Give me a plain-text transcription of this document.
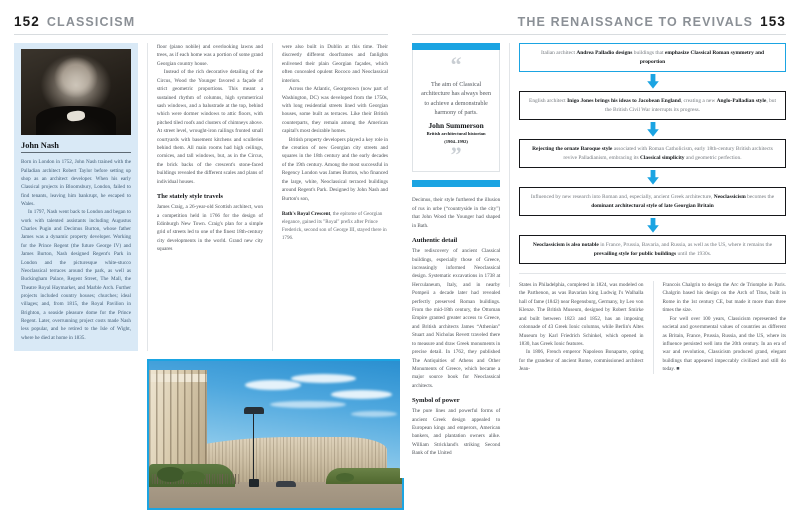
152 CLASSICISM
John Nash

Born in London in 1752, John Nash trained with the Palladian architect Robert Taylor before setting up shop as an architect developer. When his early Classical projects in Bloomsbury, London, failed to find tenants, leaving him bankrupt, he escaped to Wales.

In 1797, Nash went back to London and began to work with talented assistants including Augustus Charles Pugin and Decimus Burton, whose father James was a dynamic property developer. Working for the Prince Regent (the future George IV) and James Burton, Nash designed Regent's Park in London and the picturesque white-stucco Neoclassical terraces around the park, as well as Buckingham Palace, Regent Street, The Mall, the Theatre Royal Haymarket, and Marble Arch. Further projects included country houses; churches; ideal villages; and, from 1815, the Royal Pavilion in Brighton, a seaside pleasure dome for the Prince Regent. Later, overrunning project costs made Nash less popular, and he retired to the Isle of Wight, where he died at home in 1835.

floor (piano nobile) and overlooking lawns and trees, as if each home was a portion of some grand Georgian country house.

Instead of the rich decorative detailing of the Circus, Wood the Younger favored a façade of strict geometric proportions. This meant a sustained rhythm of columns, high symmetrical sash windows, and a balustrade at the top, behind which were dormer windows to attic floors, with pitched tiled roofs and clusters of chimneys above. At street level, wrought-iron railings fronted small courtyards with basement kitchens and sculleries behind them. All main rooms had high ceilings, cornices, and tall windows, but, as in the Circus, the brick backs of the crescent's stone-faced buildings revealed the different scales and plans of individual houses.

The stately style travels

James Craig, a 26-year-old Scottish architect, won a competition held in 1766 for the design of Edinburgh New Town. Craig's plan for a simple grid of streets led to one of the finest 18th-century city developments in the world. Grand new city squares

were also built in Dublin at this time. Their discreetly different doorframes and fanlights enlivened their plain Georgian façades, which often concealed opulent Rococo and Neoclassical interiors.

Across the Atlantic, Georgetown (now part of Washington, DC) was developed from the 1750s, with long residential streets lined with Georgian houses, some built as terraces. Like their British counterparts, they remain among the American capital's most desirable homes.

British property developers played a key role in the creation of new Georgian city streets and squares in the 18th century and the early decades of the 19th century. Among the most successful in Regency London was James Burton, who financed the large, white, Neoclassical terraced buildings around Regent's Park. Designed by John Nash and Burton's son,

Bath's Royal Crescent, the epitome of Georgian elegance, gained its "Royal" prefix after Prince Frederick, second son of George III, stayed there in 1796.

THE RENAISSANCE TO REVIVALS 153
“

The aim of Classical architecture has always been to achieve a demonstrable harmony of parts.

John Summerson

British architectural historian

(1904–1992)

”

Decimus, their style furthered the illusion of rus in urbe (“countryside in the city”) that John Wood the Younger had shaped in Bath.

Authentic detail

The rediscovery of ancient Classical buildings, especially those of Greece, increasingly informed Neoclassical design. Systematic excavations in 1738 at Herculaneum, Italy, and in nearby Pompeii a decade later had revealed perfectly preserved Roman buildings. From the mid-18th century, the Ottoman Empire granted greater access to Greece, and British architects James “Athenian” Stuart and Nicholas Revett traveled there to measure and draw Greek monuments in precise detail. In 1762, they published The Antiquities of Athens and Other Monuments of Greece, which became a major source book for Neoclassical architects.

Symbol of power

The pure lines and powerful forms of ancient Greek design appealed to European kings and emperors, American bankers, and plantation owners alike. William Strickland's striking Second Bank of the United

Italian architect Andrea Palladio designs buildings that emphasize Classical Roman symmetry and proportion

English architect Inigo Jones brings his ideas to Jacobean England, creating a new Anglo-Palladian style, but the British Civil War interrupts its progress.

Rejecting the ornate Baroque style associated with Roman Catholicism, early 18th-century British architects revive Palladianism, embracing its Classical simplicity and geometric perfection.

Influenced by new research into Roman and, especially, ancient Greek architecture, Neoclassicism becomes the dominant architectural style of late Georgian Britain

Neoclassicism is also notable in France, Prussia, Bavaria, and Russia, as well as the US, where it remains the prevailing style for public buildings until the 1930s.

States in Philadelphia, completed in 1824, was modeled on the Parthenon, as was Bavarian king Ludwig I's Walhalla hall of fame (1842) near Regensburg, Germany, by Leo von Klenze. The British Museum, designed by Robert Smirke and built between 1823 and 1852, has an imposing colonnade of 43 Greek Ionic columns, while Berlin's Altes Museum by Karl Friedrich Schinkel, which opened in 1830, has Greek Ionic features.

In 1806, French emperor Napoleon Bonaparte, opting for the grandeur of ancient Rome, commissioned architect Jean-

Francois Chalgrin to design the Arc de Triomphe in Paris. Chalgrin based his design on the Arch of Titus, built in Rome in the 1st century CE, but made it more than three times the size.

For well over 100 years, Classicism represented the societal and governmental values of countries as different as Britain, France, Prussia, Russia, and the US, where its influence persisted well into the 20th century. In an era of war and revolution, Classicism produced grand, elegant buildings that appeared impeccably civilized and still do today. ■
